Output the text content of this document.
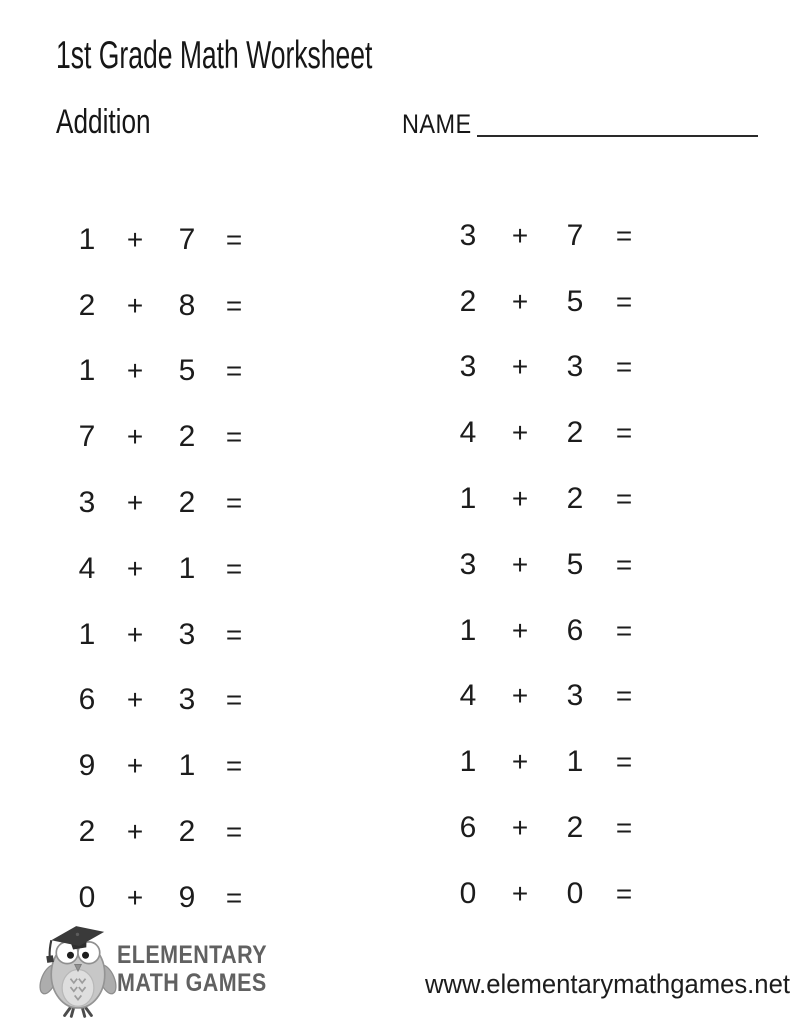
1st Grade Math Worksheet
Addition	NAME
1	+	7	=
2	+	8	=
1	+	5	=
7	+	2	=
3	+	2	=
4	+	1	=
1	+	3	=
6	+	3	=
9	+	1	=
2	+	2	=
0	+	9	=
3	+	7	=
2	+	5	=
3	+	3	=
4	+	2	=
1	+	2	=
3	+	5	=
1	+	6	=
4	+	3	=
1	+	1	=
6	+	2	=
0	+	0	=
ELEMENTARY
MATH GAMES	www.elementarymathgames.net
